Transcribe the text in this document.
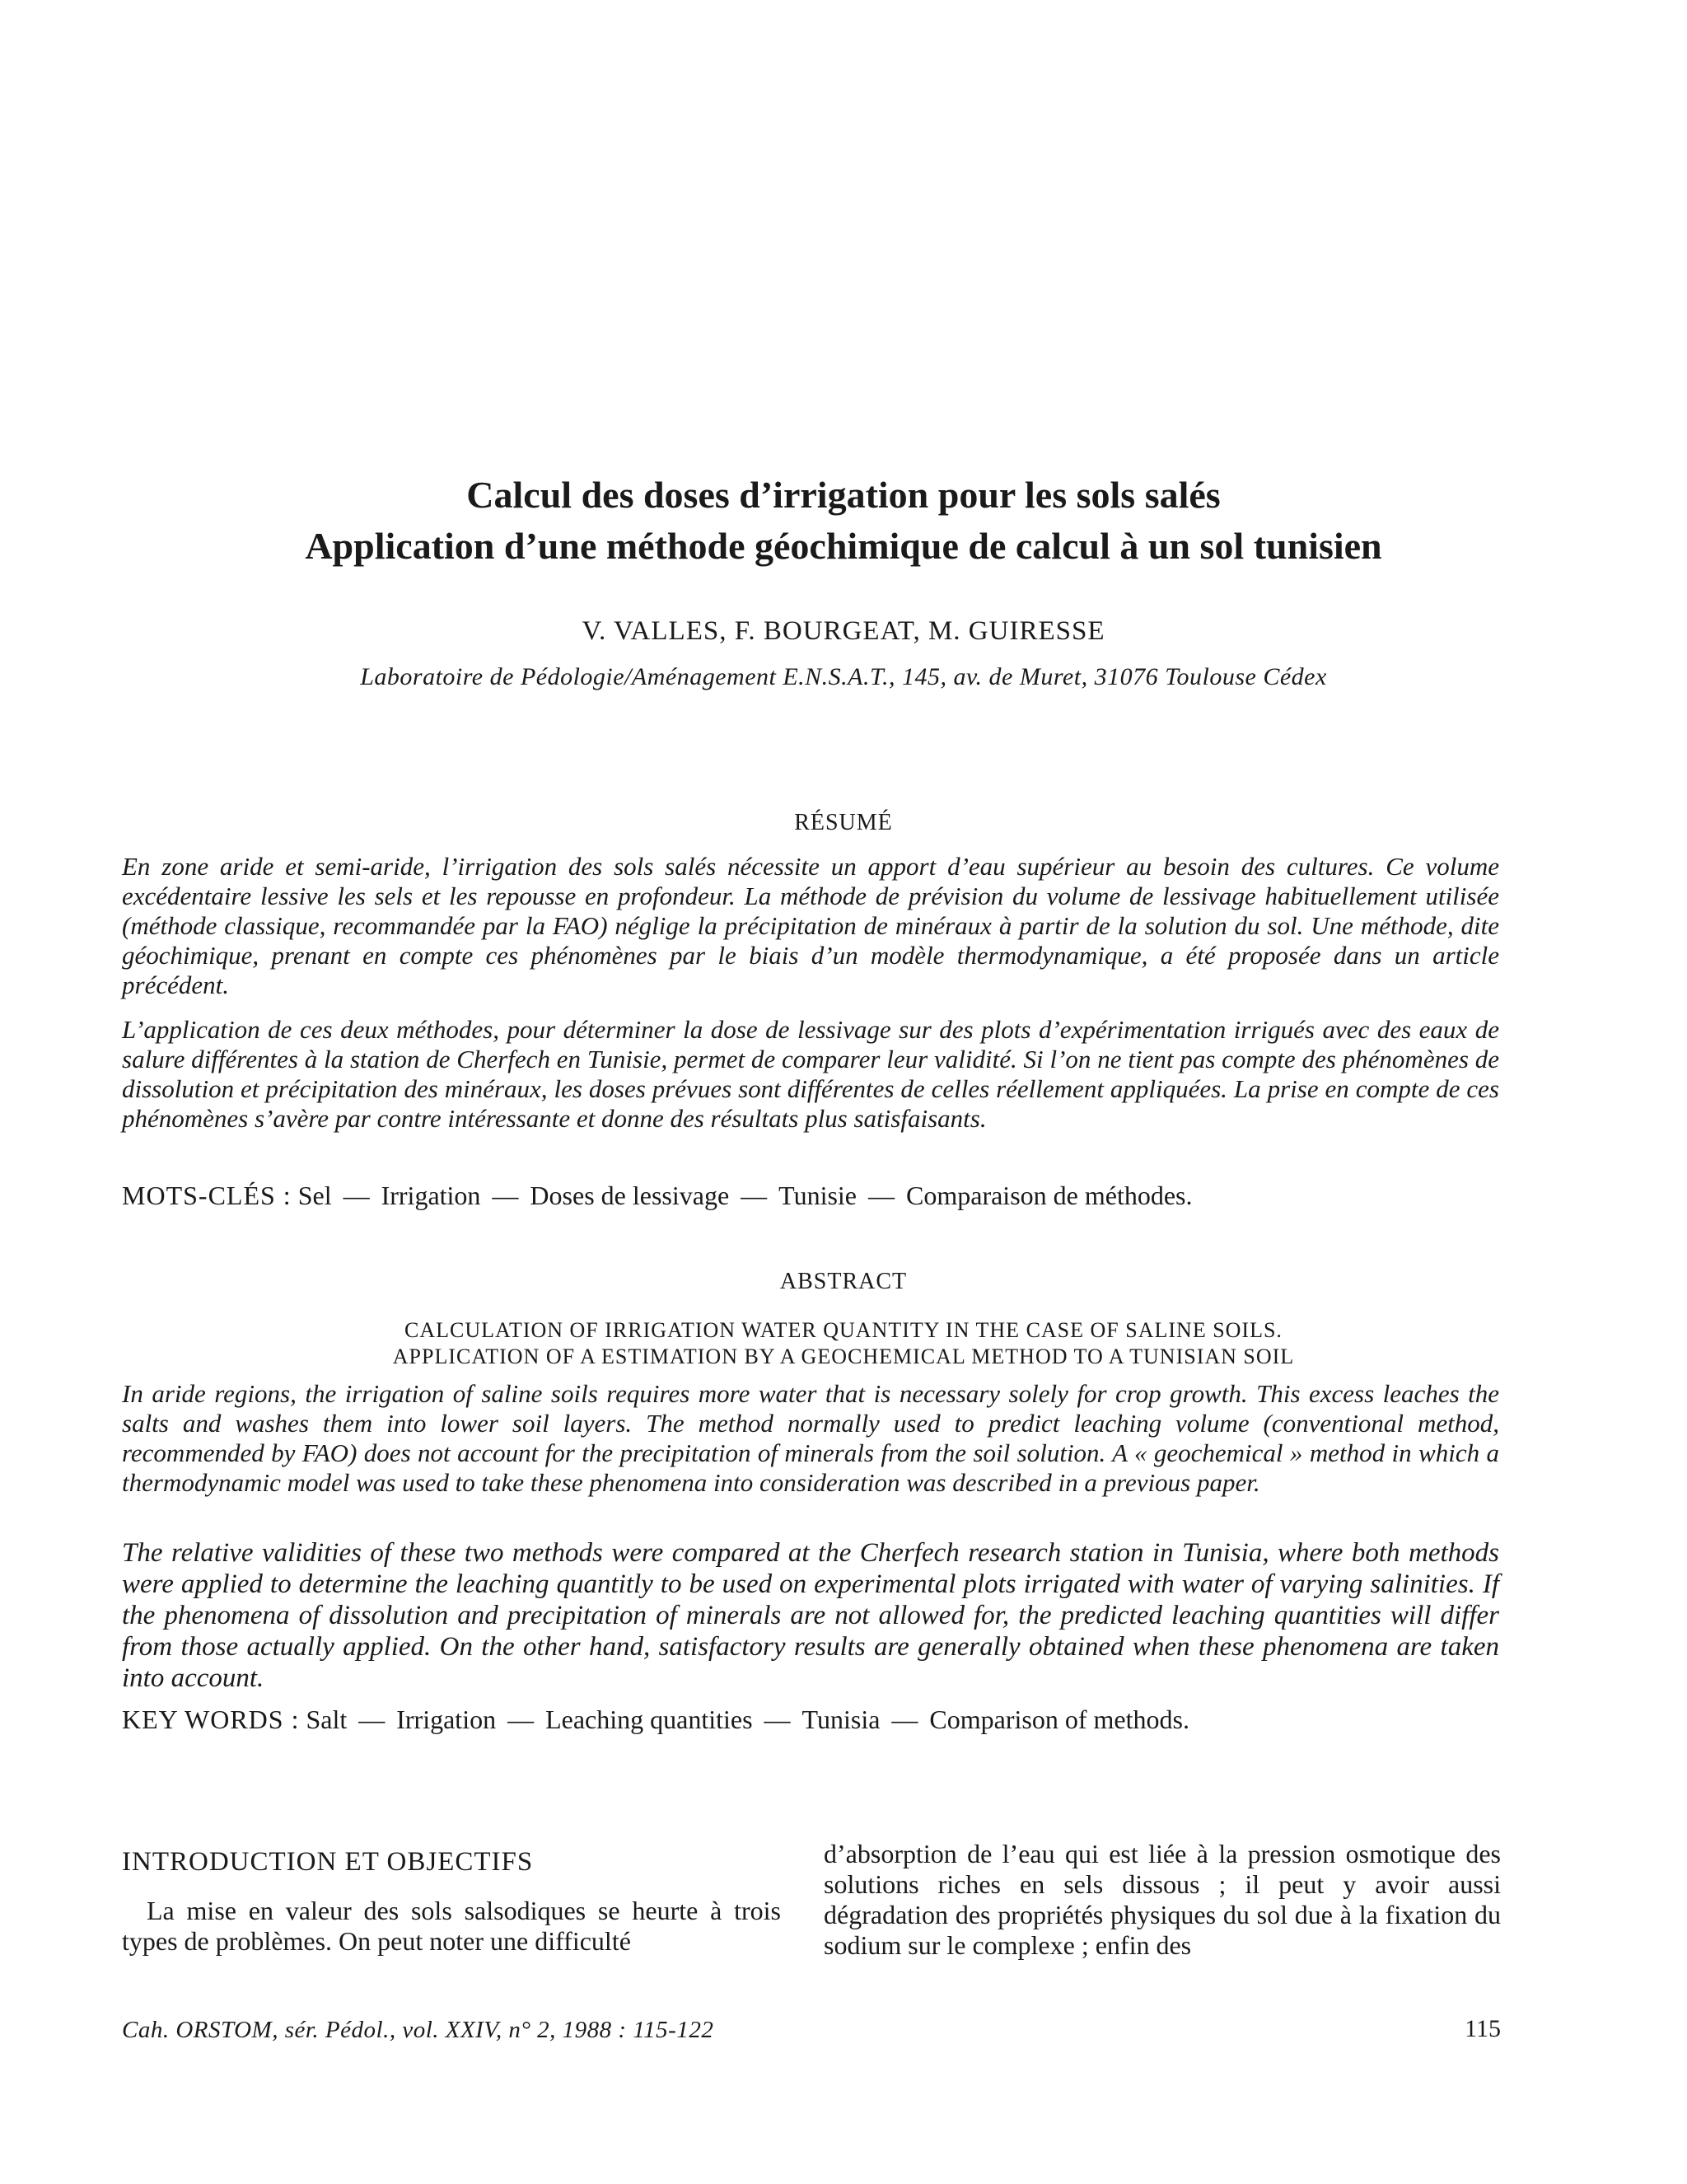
Calcul des doses d’irrigation pour les sols salés
Application d’une méthode géochimique de calcul à un sol tunisien
V. VALLES, F. BOURGEAT, M. GUIRESSE
Laboratoire de Pédologie/Aménagement E.N.S.A.T., 145, av. de Muret, 31076 Toulouse Cédex
RÉSUMÉ

En zone aride et semi-aride, l’irrigation des sols salés nécessite un apport d’eau supérieur au besoin des cultures. Ce volume excédentaire lessive les sels et les repousse en profondeur. La méthode de prévision du volume de lessivage habituellement utilisée (méthode classique, recommandée par la FAO) néglige la précipitation de minéraux à partir de la solution du sol. Une méthode, dite géochimique, prenant en compte ces phénomènes par le biais d’un modèle thermodynamique, a été proposée dans un article précédent.

L’application de ces deux méthodes, pour déterminer la dose de lessivage sur des plots d’expérimentation irrigués avec des eaux de salure différentes à la station de Cherfech en Tunisie, permet de comparer leur validité. Si l’on ne tient pas compte des phénomènes de dissolution et précipitation des minéraux, les doses prévues sont différentes de celles réellement appliquées. La prise en compte de ces phénomènes s’avère par contre intéressante et donne des résultats plus satisfaisants.

MOTS-CLÉS : Sel — Irrigation — Doses de lessivage — Tunisie — Comparaison de méthodes.
ABSTRACT
CALCULATION OF IRRIGATION WATER QUANTITY IN THE CASE OF SALINE SOILS.
APPLICATION OF A ESTIMATION BY A GEOCHEMICAL METHOD TO A TUNISIAN SOIL

In aride regions, the irrigation of saline soils requires more water that is necessary solely for crop growth. This excess leaches the salts and washes them into lower soil layers. The method normally used to predict leaching volume (conventional method, recommended by FAO) does not account for the precipitation of minerals from the soil solution. A « geochemical » method in which a thermodynamic model was used to take these phenomena into consideration was described in a previous paper.

The relative validities of these two methods were compared at the Cherfech research station in Tunisia, where both methods were applied to determine the leaching quantitly to be used on experimental plots irrigated with water of varying salinities. If the phenomena of dissolution and precipitation of minerals are not allowed for, the predicted leaching quantities will differ from those actually applied. On the other hand, satisfactory results are generally obtained when these phenomena are taken into account.

KEY WORDS : Salt — Irrigation — Leaching quantities — Tunisia — Comparison of methods.
INTRODUCTION ET OBJECTIFS

La mise en valeur des sols salsodiques se heurte à trois types de problèmes. On peut noter une difficulté

d’absorption de l’eau qui est liée à la pression osmotique des solutions riches en sels dissous ; il peut y avoir aussi dégradation des propriétés physiques du sol due à la fixation du sodium sur le complexe ; enfin des

Cah. ORSTOM, sér. Pédol., vol. XXIV, n° 2, 1988 : 115-122	115
